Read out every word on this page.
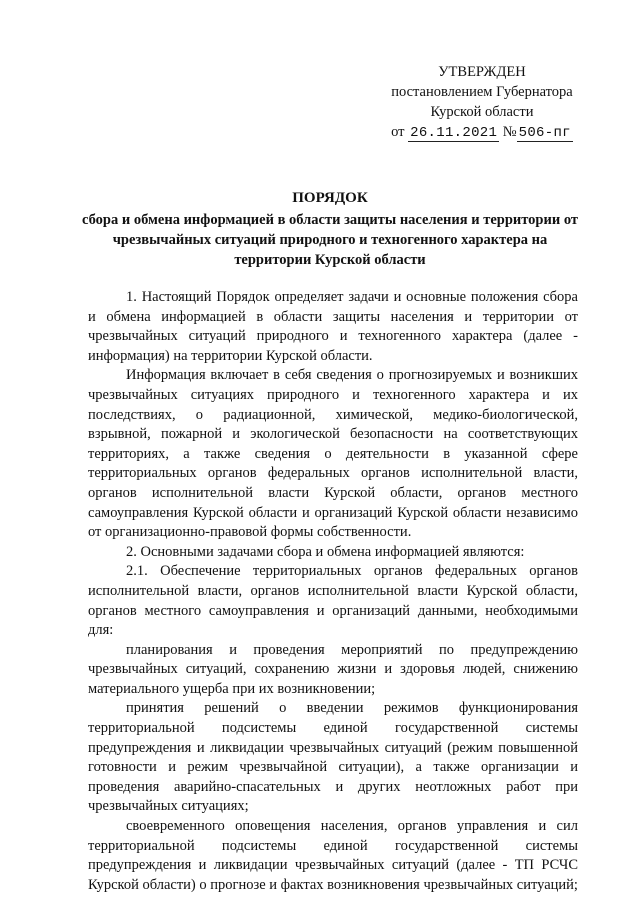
УТВЕРЖДЕН
постановлением Губернатора
Курской области
от 26.11.2021 № 506-пг
ПОРЯДОК
сбора и обмена информацией в области защиты населения и территории от чрезвычайных ситуаций природного и техногенного характера на территории Курской области

1. Настоящий Порядок определяет задачи и основные положения сбора и обмена информацией в области защиты населения и территории от чрезвычайных ситуаций природного и техногенного характера (далее - информация) на территории Курской области.

Информация включает в себя сведения о прогнозируемых и возникших чрезвычайных ситуациях природного и техногенного характера и их последствиях, о радиационной, химической, медико-биологической, взрывной, пожарной и экологической безопасности на соответствующих территориях, а также сведения о деятельности в указанной сфере территориальных органов федеральных органов исполнительной власти, органов исполнительной власти Курской области, органов местного самоуправления Курской области и организаций Курской области независимо от организационно-правовой формы собственности.

2. Основными задачами сбора и обмена информацией являются:

2.1. Обеспечение территориальных органов федеральных органов исполнительной власти, органов исполнительной власти Курской области, органов местного самоуправления и организаций данными, необходимыми для:

планирования и проведения мероприятий по предупреждению чрезвычайных ситуаций, сохранению жизни и здоровья людей, снижению материального ущерба при их возникновении;

принятия решений о введении режимов функционирования территориальной подсистемы единой государственной системы предупреждения и ликвидации чрезвычайных ситуаций (режим повышенной готовности и режим чрезвычайной ситуации), а также организации и проведения аварийно-спасательных и других неотложных работ при чрезвычайных ситуациях;

своевременного оповещения населения, органов управления и сил территориальной подсистемы единой государственной системы предупреждения и ликвидации чрезвычайных ситуаций (далее - ТП РСЧС Курской области) о прогнозе и фактах возникновения чрезвычайных ситуаций;
